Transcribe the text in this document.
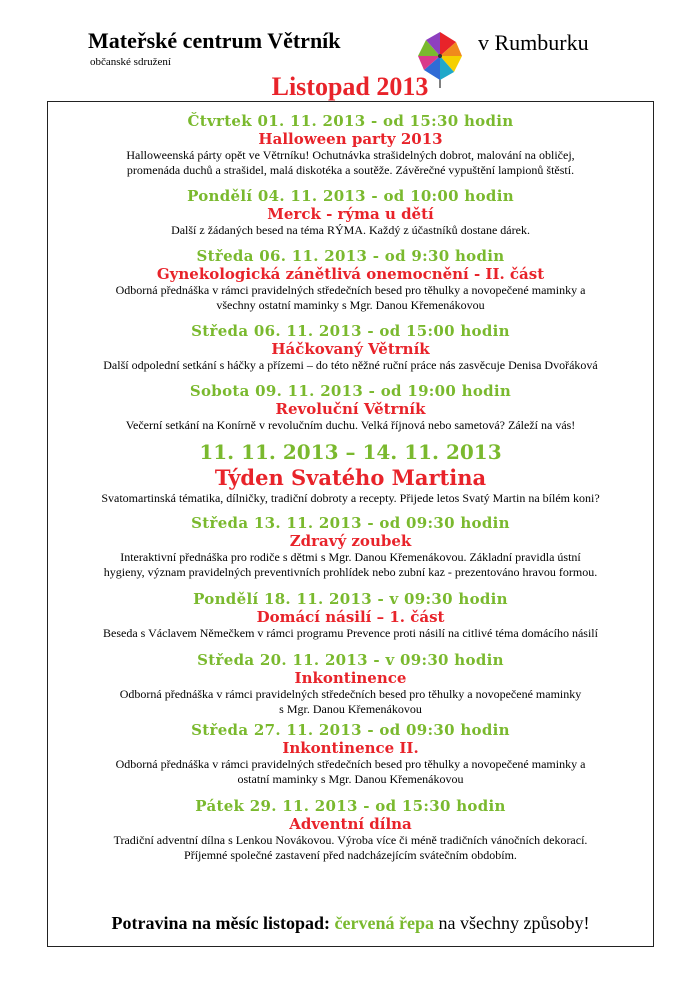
Mateřské centrum Větrník
občanské sdružení
v Rumburku
Listopad 2013
Čtvrtek 01. 11. 2013 - od 15:30 hodin
Halloween party 2013
Halloweenská párty opět ve Větrníku! Ochutnávka strašidelných dobrot, malování na obličej,
promenáda duchů a strašidel, malá diskotéka a soutěže. Závěrečné vypuštění lampionů štěstí.
Pondělí 04. 11. 2013 - od 10:00 hodin
Merck - rýma u dětí
Další z žádaných besed na téma RÝMA. Každý z účastníků dostane dárek.
Středa 06. 11. 2013 - od 9:30 hodin
Gynekologická zánětlivá onemocnění - II. část
Odborná přednáška v rámci pravidelných středečních besed pro těhulky a novopečené maminky a
všechny ostatní maminky s Mgr. Danou Křemenákovou
Středa 06. 11. 2013 - od 15:00 hodin
Háčkovaný Větrník
Další odpolední setkání s háčky a přízemi – do této něžné ruční práce nás zasvěcuje Denisa Dvořáková
Sobota 09. 11. 2013 - od 19:00 hodin
Revoluční Větrník
Večerní setkání na Konírně v revolučním duchu. Velká říjnová nebo sametová? Záleží na vás!
11. 11. 2013 – 14. 11. 2013
Týden Svatého Martina
Svatomartinská tématika, dílničky, tradiční dobroty a recepty. Přijede letos Svatý Martin na bílém koni?
Středa 13. 11. 2013 - od 09:30 hodin
Zdravý zoubek
Interaktivní přednáška pro rodiče s dětmi s Mgr. Danou Křemenákovou. Základní pravidla ústní
hygieny, význam pravidelných preventivních prohlídek nebo zubní kaz - prezentováno hravou formou.
Pondělí 18. 11. 2013 - v 09:30 hodin
Domácí násilí – 1. část
Beseda s Václavem Němečkem v rámci programu Prevence proti násilí na citlivé téma domácího násilí
Středa 20. 11. 2013 - v 09:30 hodin
Inkontinence
Odborná přednáška v rámci pravidelných středečních besed pro těhulky a novopečené maminky
s Mgr. Danou Křemenákovou
Středa 27. 11. 2013 - od 09:30 hodin
Inkontinence II.
Odborná přednáška v rámci pravidelných středečních besed pro těhulky a novopečené maminky a
ostatní maminky s Mgr. Danou Křemenákovou
Pátek 29. 11. 2013 - od 15:30 hodin
Adventní dílna
Tradiční adventní dílna s Lenkou Novákovou. Výroba více či méně tradičních vánočních dekorací.
Příjemné společné zastavení před nadcházejícím svátečním obdobím.
Potravina na měsíc listopad: červená řepa na všechny způsoby!
